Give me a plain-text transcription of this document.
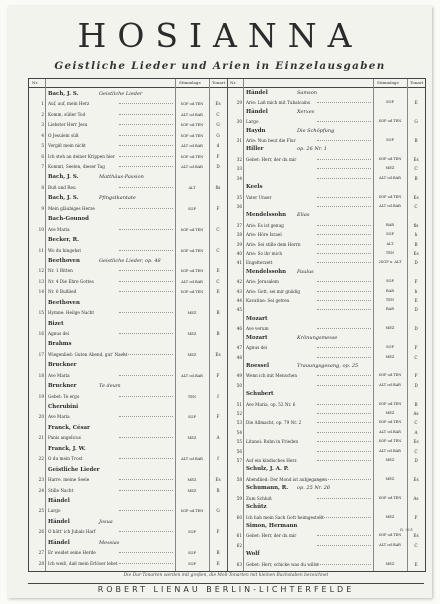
HOSIANNA
Geistliche Lieder und Arien in Einzelausgaben
Nr.	Stimmlage	Tonart Nr.	Stimmlage	Tonart
Bach, J. S.	Geistliche Lieder
1 Auf, auf, mein Herz	SOP od.TEN	Es
2 Komm, süßer Tod	ALT od.BAR	C
3 Liebster Herr Jesu	SOP od.TEN	G
4 O Jesulein süß	SOP od.TEN	G
5 Vergiß mein nicht	ALT od.BAR	d
6 Ich steh an deiner Krippen hier	SOP od.TEN	F
7 Kommt, Seelen, dieser Tag	ALT od.BAR	D
Bach, J. S.	Matthäus-Passion
8 Buß und Reu	ALT	fis
Bach, J. S.	Pfingstkantate
9 Mein gläubiges Herze	SOP	F
Bach-Gounod
10 Ave Maria	SOP od.TEN	C
Becker, R.
11 Wo du hingehst	SOP od.TEN	C
Beethoven	Geistliche Lieder, op. 48
12 Nr. 1 Bitten	SOP od.TEN	E
13 Nr. 4 Die Ehre Gottes	ALT od.BAR	C
14 Nr. 6 Bußlied	SOP od.TEN	E
Beethoven
15 Hymne: Heilge Nacht	MEZ	B
Bizet
16 Agnus dei	MEZ	B
Brahms
17 Wiegenlied: Guten Abend, gut' Nacht	MEZ	Es
Bruckner
18 Ave Maria	ALT od.BAR	F
Bruckner	Te deum
19 Gebet: Te ergo	TEN	f
Cherubini
20 Ave Maria	SOP	F
Franck, César
21 Panis angelicus	MEZ	A
Franck, J. W.
22 O du mein Trost	ALT od.BAR	f
Geistliche Lieder
23 Harre, meine Seele	MEZ	Es
24 Stille Nacht	MEZ	B
Händel
25 Largo	SOP od.TEN	G
Händel	Josua
26 O hätt' ich Jubals Harf	SOP	F
Händel	Messias
27 Er weidet seine Herde	SOP	B
28 Ich weiß, daß mein Erlöser lebet	SOP	E
Händel	Samson
29 Arie: Laß mich mit Tubalcains	SOP	E
Händel	Xerxes
30 Largo	SOP od.TEN	G
Haydn	Die Schöpfung
31 Arie: Nun beut die Flur	SOP	B
Hiller	op. 26 Nr. 1
32 Gebet: Herr, der du mir	SOP od.TEN	Es
33	MEZ	C
34	ALT od.BAR	B
Keels
35 Vater Unser	SOP od.TEN	Es
36	ALT od.BAR	C
Mendelssohn Elias
37 Arie: Es ist genug	BAR	fis
38 Arie: Höre Israel	SOP	h
39 Arie: Sei stille dem Herrn	ALT	B
40 Arie: So ihr mich	TEN	Es
41 Engelterzett	2SOP u. ALT	D
Mendelssohn Paulus
42 Arie: Jerusalem	SOP	F
43 Arie: Gott, sei mir gnädig	BAR	h
44 Kavatine: Sei getreu	TEN	E
45	BAR	D
Mozart
46 Ave verum	MEZ	D
Mozart	Krönungsmesse
47 Agnus dei	SOP	F
48	MEZ	C
Roessel	Trauungsgesang, op. 25
49 Wenn ich mit Menschen	SOP od.TEN	F
50	ALT od.BAR	D
Schubert
51 Ave Maria, op. 52 Nr. 6	SOP od.TEN	B
52	MEZ	As
53 Die Allmacht, op. 79 Nr. 2	SOP od.TEN	C
54	ALT od.BAR	A
55 Litanei: Ruhn in Frieden	SOP od.TEN	Es
56	ALT od.BAR	C
57 Auf ein kindisches Herz	MEZ	D
Schulz, J. A. P.
58 Abendlied: Der Mond ist aufgegangen	MEZ	Es
Schumann, R. op. 25 Nr. 26
59 Zum Schluß	SOP od.TEN	As
Schütz
60 Ich hab mein Sach Gott heimgestellt	MEZ	F
Simon, Hermann
61 Gebet: Herr, der du mir	SOP od.TEN	Es
62	ALT od.BAR	C
Wolf
63 Gebet: Herr, schicke was du willst	MEZ	E
R. 001
Die Dur-Tonarten werden mit großen, die Moll-Tonarten mit kleinen Buchstaben bezeichnet
ROBERT LIENAU BERLIN-LICHTERFELDE
